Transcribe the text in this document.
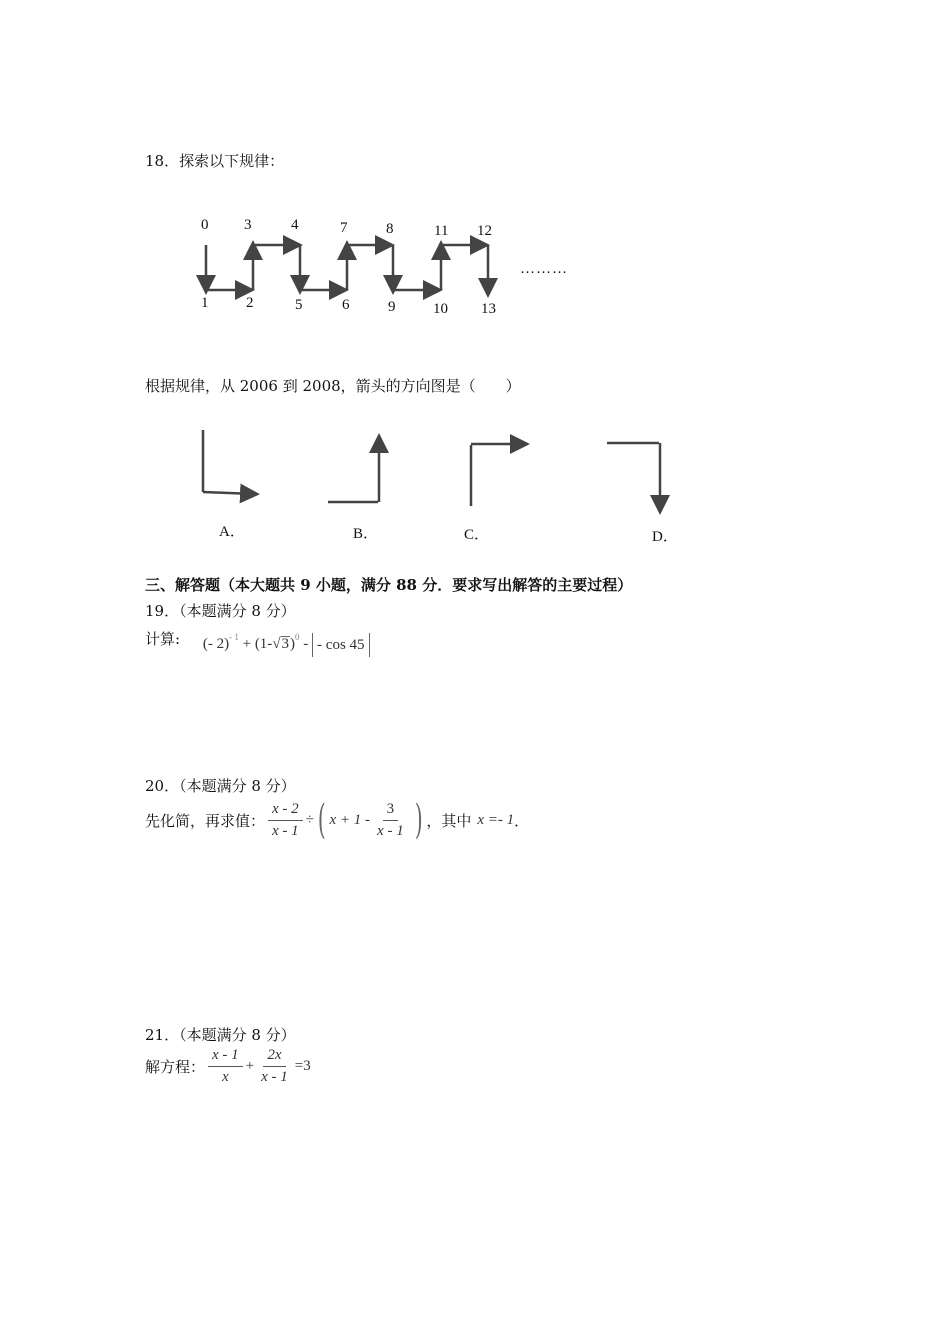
18．探索以下规律：
0 3	4	7	8	11 12
1	2	5	6	9	10 13
………
根据规律，从 2006 到 2008，箭头的方向图是（　　）
A．	B．	C．	D．
三、解答题（本大题共 9 小题，满分 88 分．要求写出解答的主要过程）
19．（本题满分 8 分）
计算: (- $2)^{- 1} + (1-√3)^0$ - - cos 45
20．（本题满分 8 分）
先化简，再求值： $\frac{x - 2}{x - 1}$ ÷ ( $x + 1 - \frac{3}{x - 1}$ ) ，其中 x =- 1 ．
21．（本题满分 8 分）
解方程： $\frac{x - 1}{x} + \frac{2x}{x - 1} =3$
